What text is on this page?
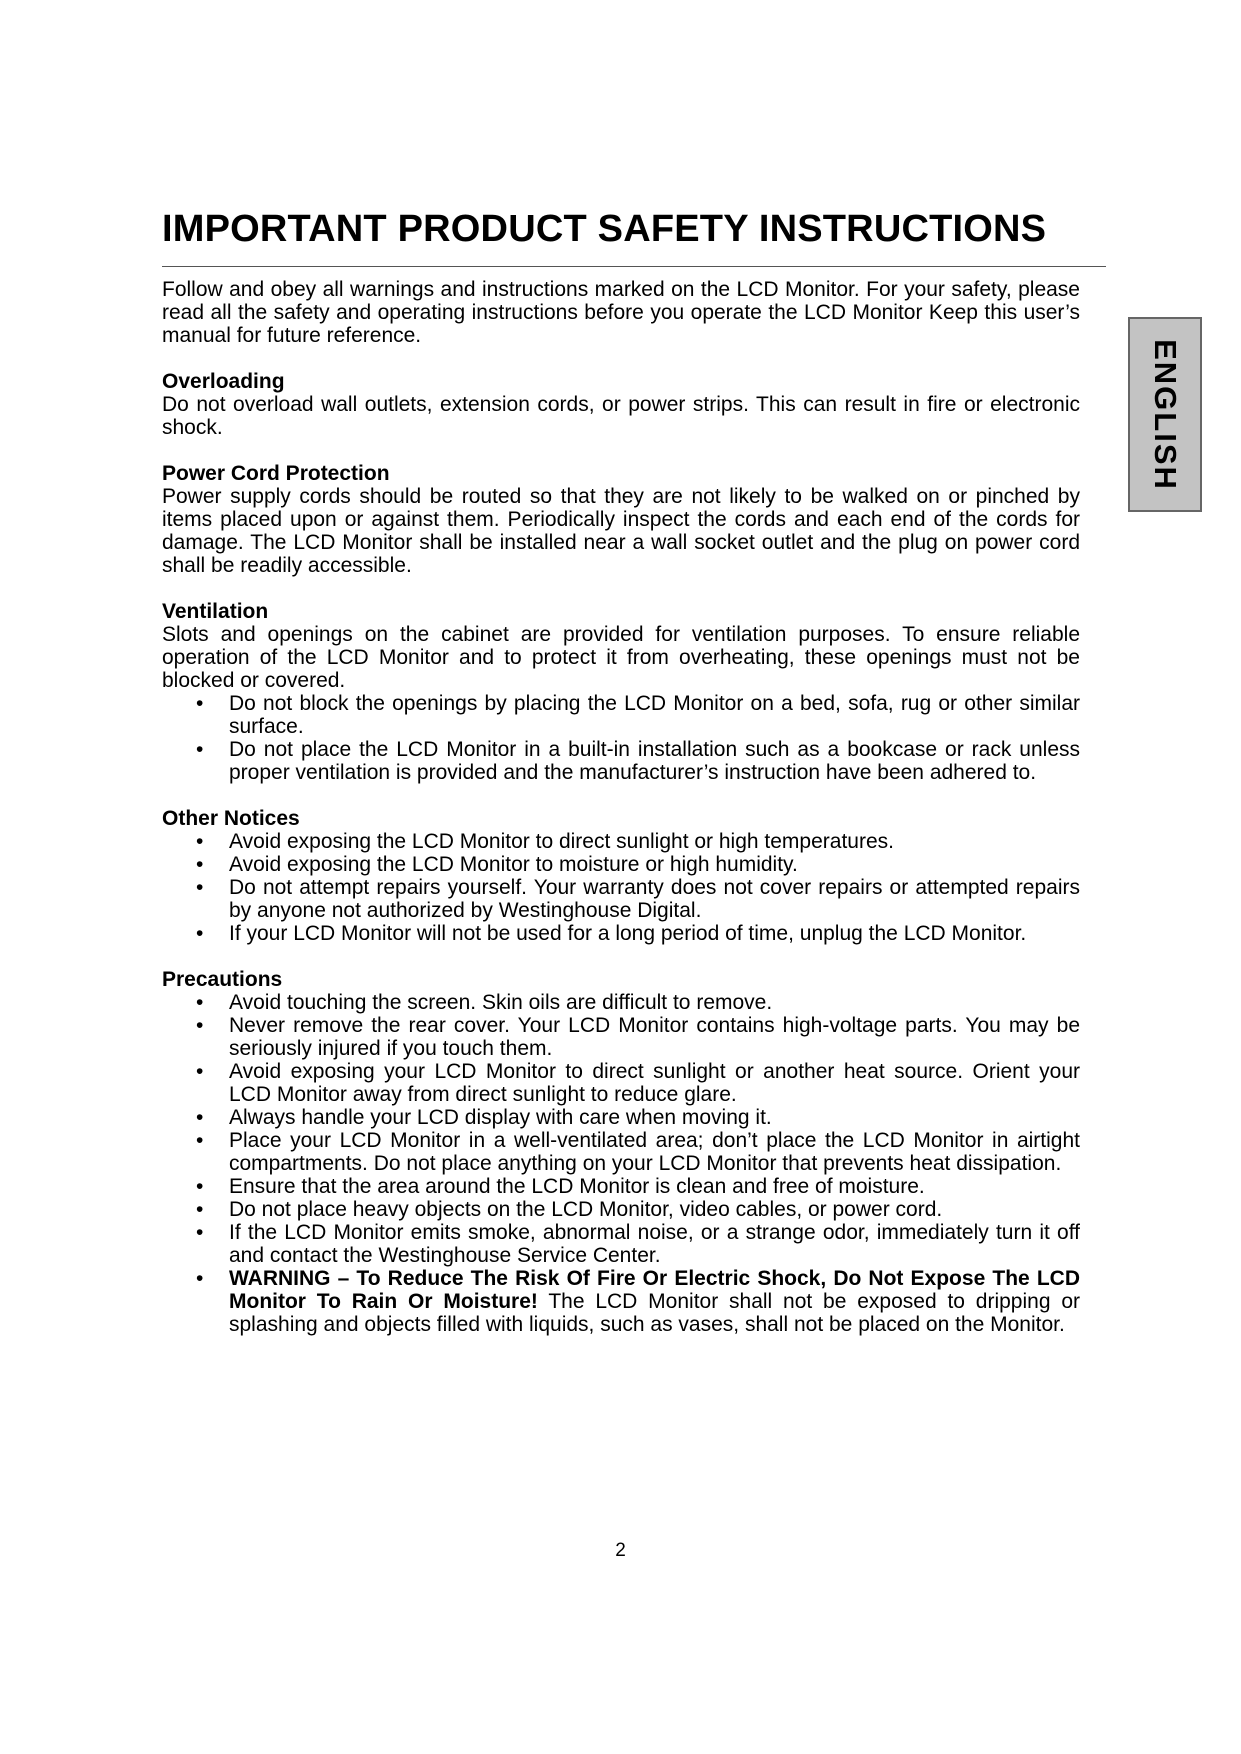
IMPORTANT PRODUCT SAFETY INSTRUCTIONS
ENGLISH

Follow and obey all warnings and instructions marked on the LCD Monitor. For your safety, please read all the safety and operating instructions before you operate the LCD Monitor Keep this user’s manual for future reference.

Overloading

Do not overload wall outlets, extension cords, or power strips. This can result in fire or electronic shock.

Power Cord Protection

Power supply cords should be routed so that they are not likely to be walked on or pinched by items placed upon or against them. Periodically inspect the cords and each end of the cords for damage. The LCD Monitor shall be installed near a wall socket outlet and the plug on power cord shall be readily accessible.

Ventilation

Slots and openings on the cabinet are provided for ventilation purposes. To ensure reliable operation of the LCD Monitor and to protect it from overheating, these openings must not be blocked or covered.

• Do not block the openings by placing the LCD Monitor on a bed, sofa, rug or other similar surface.
• Do not place the LCD Monitor in a built-in installation such as a bookcase or rack unless proper ventilation is provided and the manufacturer’s instruction have been adhered to.
Other Notices
• Avoid exposing the LCD Monitor to direct sunlight or high temperatures.
• Avoid exposing the LCD Monitor to moisture or high humidity.
• Do not attempt repairs yourself. Your warranty does not cover repairs or attempted repairs by anyone not authorized by Westinghouse Digital.
• If your LCD Monitor will not be used for a long period of time, unplug the LCD Monitor.
Precautions
• Avoid touching the screen. Skin oils are difficult to remove.
• Never remove the rear cover. Your LCD Monitor contains high-voltage parts. You may be seriously injured if you touch them.
• Avoid exposing your LCD Monitor to direct sunlight or another heat source. Orient your LCD Monitor away from direct sunlight to reduce glare.
• Always handle your LCD display with care when moving it.
• Place your LCD Monitor in a well-ventilated area; don’t place the LCD Monitor in airtight compartments. Do not place anything on your LCD Monitor that prevents heat dissipation.
• Ensure that the area around the LCD Monitor is clean and free of moisture.
• Do not place heavy objects on the LCD Monitor, video cables, or power cord.
• If the LCD Monitor emits smoke, abnormal noise, or a strange odor, immediately turn it off and contact the Westinghouse Service Center.
• WARNING – To Reduce The Risk Of Fire Or Electric Shock, Do Not Expose The LCD Monitor To Rain Or Moisture! The LCD Monitor shall not be exposed to dripping or splashing and objects filled with liquids, such as vases, shall not be placed on the Monitor.
2
